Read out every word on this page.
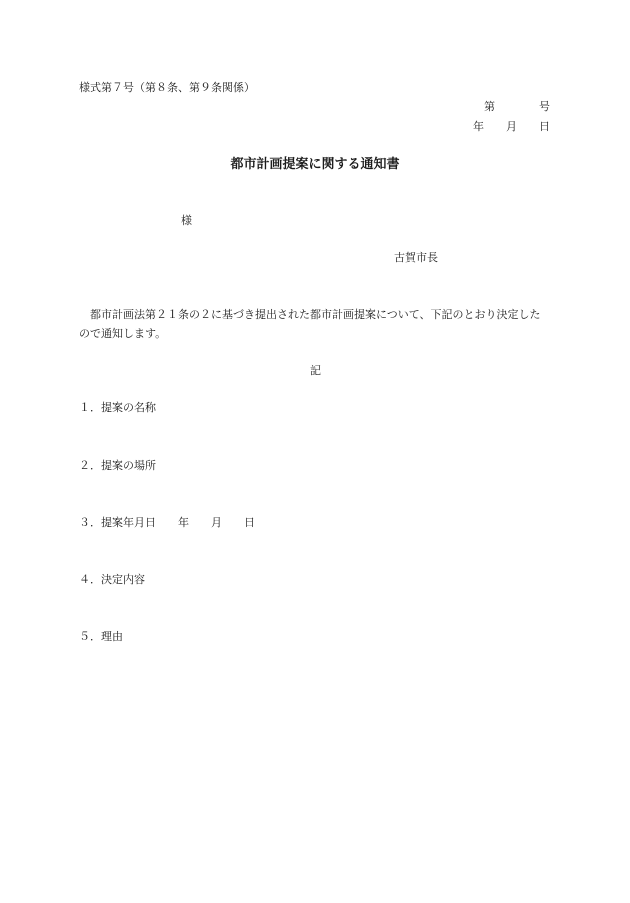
様式第７号（第８条、第９条関係）

第　　　　号

年　　月　　日

都市計画提案に関する通知書

様

古賀市長

都市計画法第２１条の２に基づき提出された都市計画提案について、下記のとおり決定した

ので通知します。

記

１．提案の名称

２．提案の場所

３．提案年月日　　年　　月　　日

４．決定内容

５．理由
